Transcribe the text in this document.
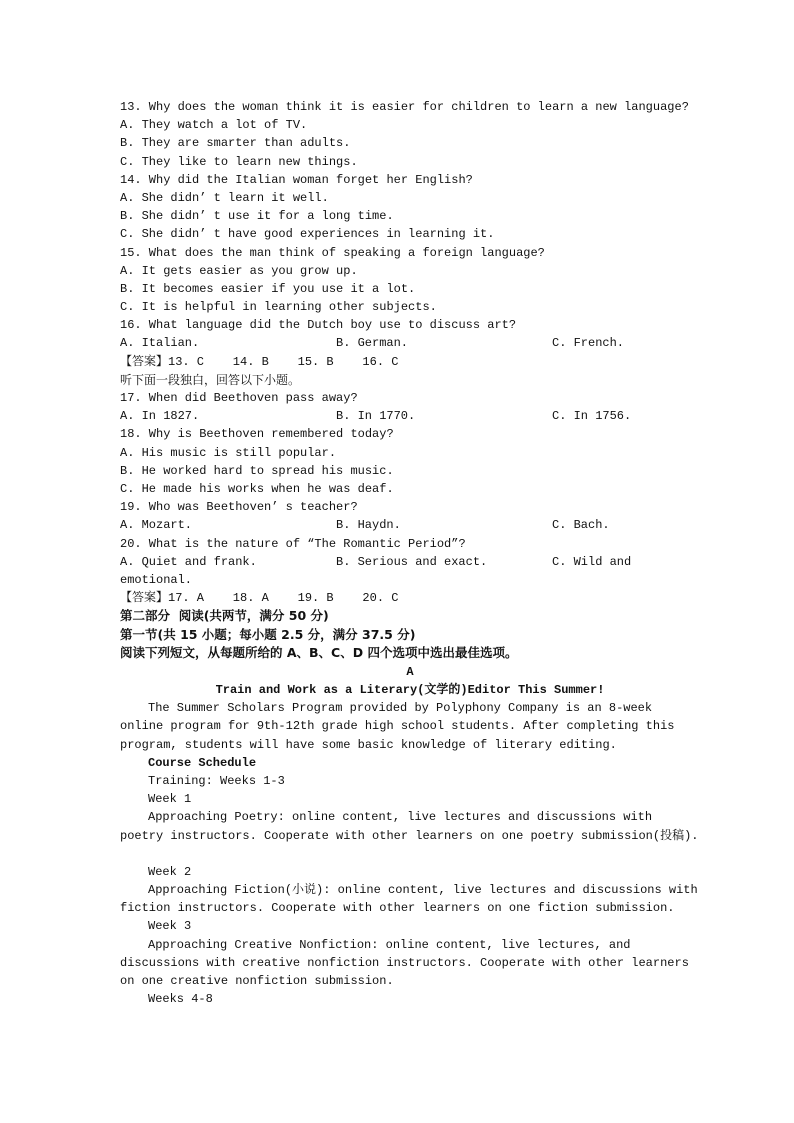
13. Why does the woman think it is easier for children to learn a new language?
A. They watch a lot of TV.
B. They are smarter than adults.
C. They like to learn new things.
14. Why did the Italian woman forget her English?
A. She didn’ t learn it well.
B. She didn’ t use it for a long time.
C. She didn’ t have good experiences in learning it.
15. What does the man think of speaking a foreign language?
A. It gets easier as you grow up.
B. It becomes easier if you use it a lot.
C. It is helpful in learning other subjects.
16. What language did the Dutch boy use to discuss art?
A. Italian.	B. German.	C. French.
【答案】13. C    14. B    15. B    16. C
听下面一段独白，回答以下小题。
17. When did Beethoven pass away?
A. In 1827.	B. In 1770.	C. In 1756.
18. Why is Beethoven remembered today?
A. His music is still popular.
B. He worked hard to spread his music.
C. He made his works when he was deaf.
19. Who was Beethoven’ s teacher?
A. Mozart.	B. Haydn.	C. Bach.
20. What is the nature of “The Romantic Period”?
A. Quiet and frank.	B. Serious and exact.	C. Wild and
emotional.
【答案】17. A    18. A    19. B    20. C
第二部分  阅读(共两节，满分 50 分)
第一节(共 15 小题；每小题 2.5 分，满分 37.5 分)
阅读下列短文，从每题所给的 A、B、C、D 四个选项中选出最佳选项。
A
Train and Work as a Literary(文学的)Editor This Summer!
The Summer Scholars Program provided by Polyphony Company is an 8-week online program for 9th-12th grade high school students. After completing this program, students will have some basic knowledge of literary editing.
Course Schedule
Training: Weeks 1-3
Week 1
Approaching Poetry: online content, live lectures and discussions with poetry instructors. Cooperate with other learners on one poetry submission(投稿).
Week 2
Approaching Fiction(小说): online content, live lectures and discussions with fiction instructors. Cooperate with other learners on one fiction submission.
Week 3
Approaching Creative Nonfiction: online content, live lectures, and discussions with creative nonfiction instructors. Cooperate with other learners on one creative nonfiction submission.
Weeks 4-8
